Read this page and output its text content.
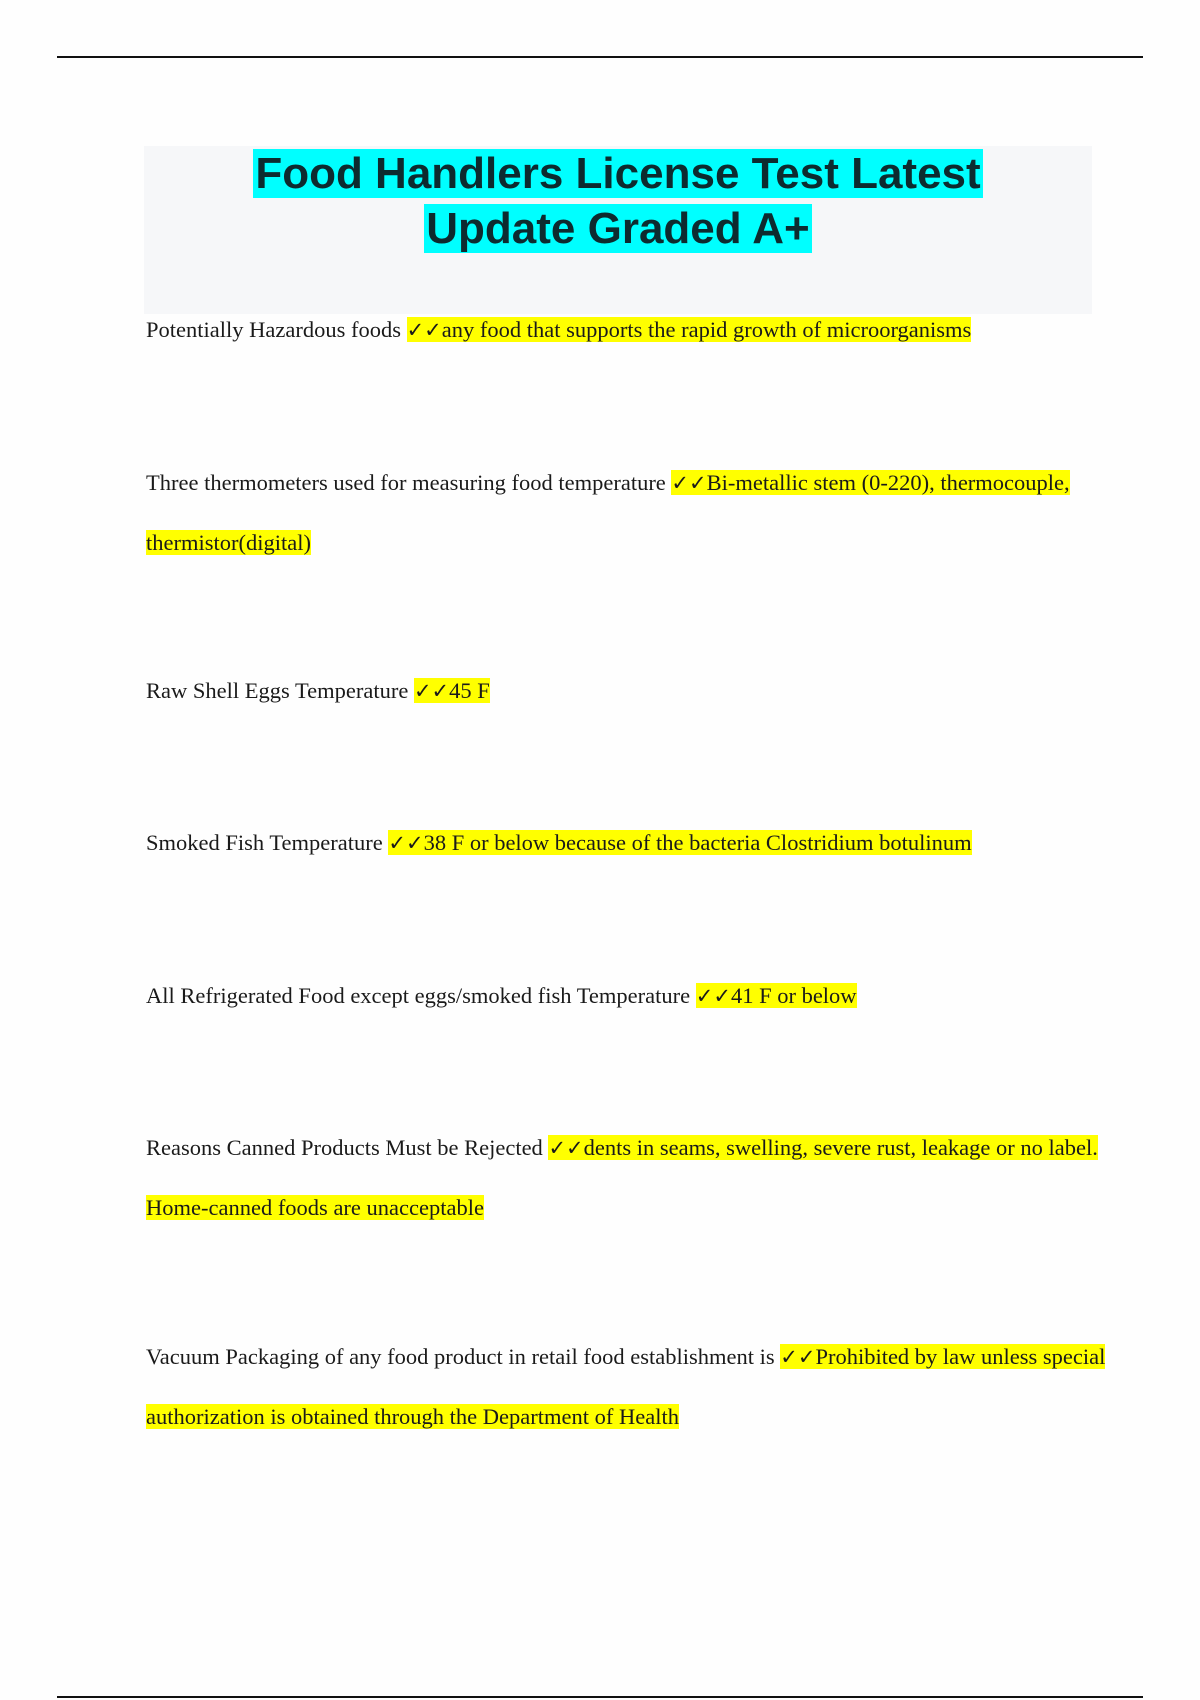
Food Handlers License Test Latest
Update Graded A+

Potentially Hazardous foods ✓✓any food that supports the rapid growth of microorganisms

Three thermometers used for measuring food temperature ✓✓Bi-metallic stem (0-220), thermocouple, thermistor(digital)

Raw Shell Eggs Temperature ✓✓45 F

Smoked Fish Temperature ✓✓38 F or below because of the bacteria Clostridium botulinum

All Refrigerated Food except eggs/smoked fish Temperature ✓✓41 F or below

Reasons Canned Products Must be Rejected ✓✓dents in seams, swelling, severe rust, leakage or no label. Home-canned foods are unacceptable

Vacuum Packaging of any food product in retail food establishment is ✓✓Prohibited by law unless special authorization is obtained through the Department of Health
